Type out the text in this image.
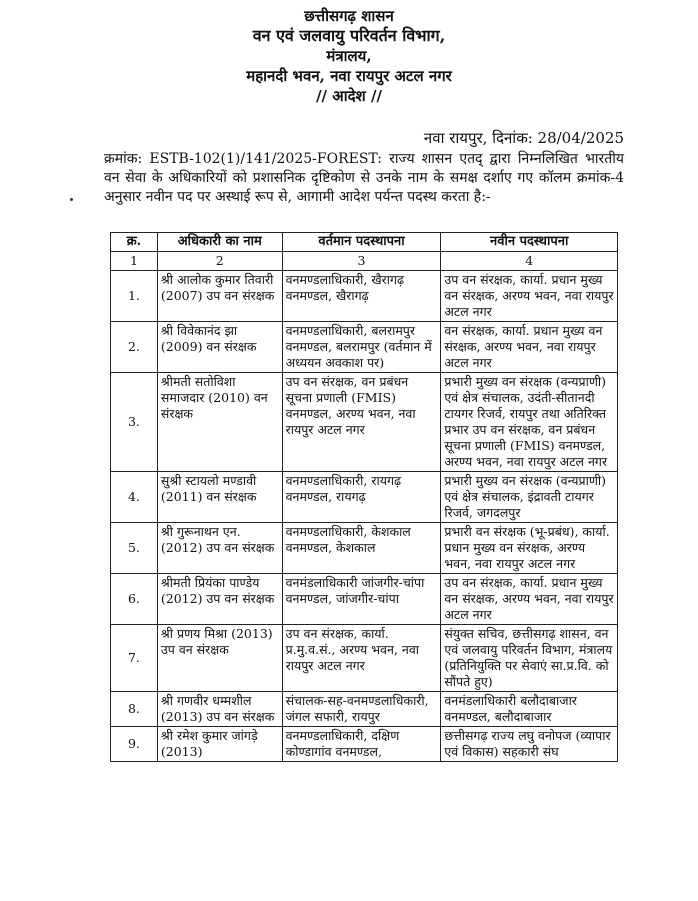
छत्तीसगढ़ शासन
वन एवं जलवायु परिवर्तन विभाग,
मंत्रालय,
महानदी भवन, नवा रायपुर अटल नगर
// आदेश //
नवा रायपुर, दिनांक: 28/04/2025
क्रमांक: ESTB-102(1)/141/2025-FOREST: राज्य शासन एतद् द्वारा निम्नलिखित भारतीय वन सेवा के अधिकारियों को प्रशासनिक दृष्टिकोण से उनके नाम के समक्ष दर्शाए गए कॉलम क्रमांक-4 अनुसार नवीन पद पर अस्थाई रूप से, आगामी आदेश पर्यन्त पदस्थ करता है:-
क्र.	अधिकारी का नाम	वर्तमान पदस्थापना	नवीन पदस्थापना
1	2	3	4
1.	श्री आलोक कुमार तिवारी (2007) उप वन संरक्षक	वनमण्डलाधिकारी, खैरागढ़ वनमण्डल, खैरागढ़	उप वन संरक्षक, कार्या. प्रधान मुख्य वन संरक्षक, अरण्य भवन, नवा रायपुर अटल नगर
2.	श्री विवेकानंद झा (2009) वन संरक्षक	वनमण्डलाधिकारी, बलरामपुर वनमण्डल, बलरामपुर (वर्तमान में अध्ययन अवकाश पर)	वन संरक्षक, कार्या. प्रधान मुख्य वन संरक्षक, अरण्य भवन, नवा रायपुर अटल नगर
3.	श्रीमती सतोविशा समाजदार (2010) वन संरक्षक	उप वन संरक्षक, वन प्रबंधन सूचना प्रणाली (FMIS) वनमण्डल, अरण्य भवन, नवा रायपुर अटल नगर	प्रभारी मुख्य वन संरक्षक (वन्यप्राणी) एवं क्षेत्र संचालक, उदंती-सीतानदी टायगर रिजर्व, रायपुर तथा अतिरिक्त प्रभार उप वन संरक्षक, वन प्रबंधन सूचना प्रणाली (FMIS) वनमण्डल, अरण्य भवन, नवा रायपुर अटल नगर
4.	सुश्री स्टायलो मण्डावी (2011) वन संरक्षक	वनमण्डलाधिकारी, रायगढ़ वनमण्डल, रायगढ़	प्रभारी मुख्य वन संरक्षक (वन्यप्राणी) एवं क्षेत्र संचालक, इंद्रावती टायगर रिजर्व, जगदलपुर
5.	श्री गुरूनाथन एन. (2012) उप वन संरक्षक	वनमण्डलाधिकारी, केशकाल वनमण्डल, केशकाल	प्रभारी वन संरक्षक (भू-प्रबंध), कार्या. प्रधान मुख्य वन संरक्षक, अरण्य भवन, नवा रायपुर अटल नगर
6.	श्रीमती प्रियंका पाण्डेय (2012) उप वन संरक्षक	वनमंडलाधिकारी जांजगीर-चांपा वनमण्डल, जांजगीर-चांपा	उप वन संरक्षक, कार्या. प्रधान मुख्य वन संरक्षक, अरण्य भवन, नवा रायपुर अटल नगर
7.	श्री प्रणय मिश्रा (2013) उप वन संरक्षक	उप वन संरक्षक, कार्या. प्र.मु.व.सं., अरण्य भवन, नवा रायपुर अटल नगर	संयुक्त सचिव, छत्तीसगढ़ शासन, वन एवं जलवायु परिवर्तन विभाग, मंत्रालय (प्रतिनियुक्ति पर सेवाएं सा.प्र.वि. को सौंपते हुए)
8.	श्री गणवीर धम्मशील (2013) उप वन संरक्षक	संचालक-सह-वनमण्डलाधिकारी, जंगल सफारी, रायपुर	वनमंडलाधिकारी बलौदाबाजार वनमण्डल, बलौदाबाजार
9.	श्री रमेश कुमार जांगड़े (2013)	वनमण्डलाधिकारी, दक्षिण कोण्डागांव वनमण्डल,	छत्तीसगढ़ राज्य लघु वनोपज (व्यापार एवं विकास) सहकारी संघ
